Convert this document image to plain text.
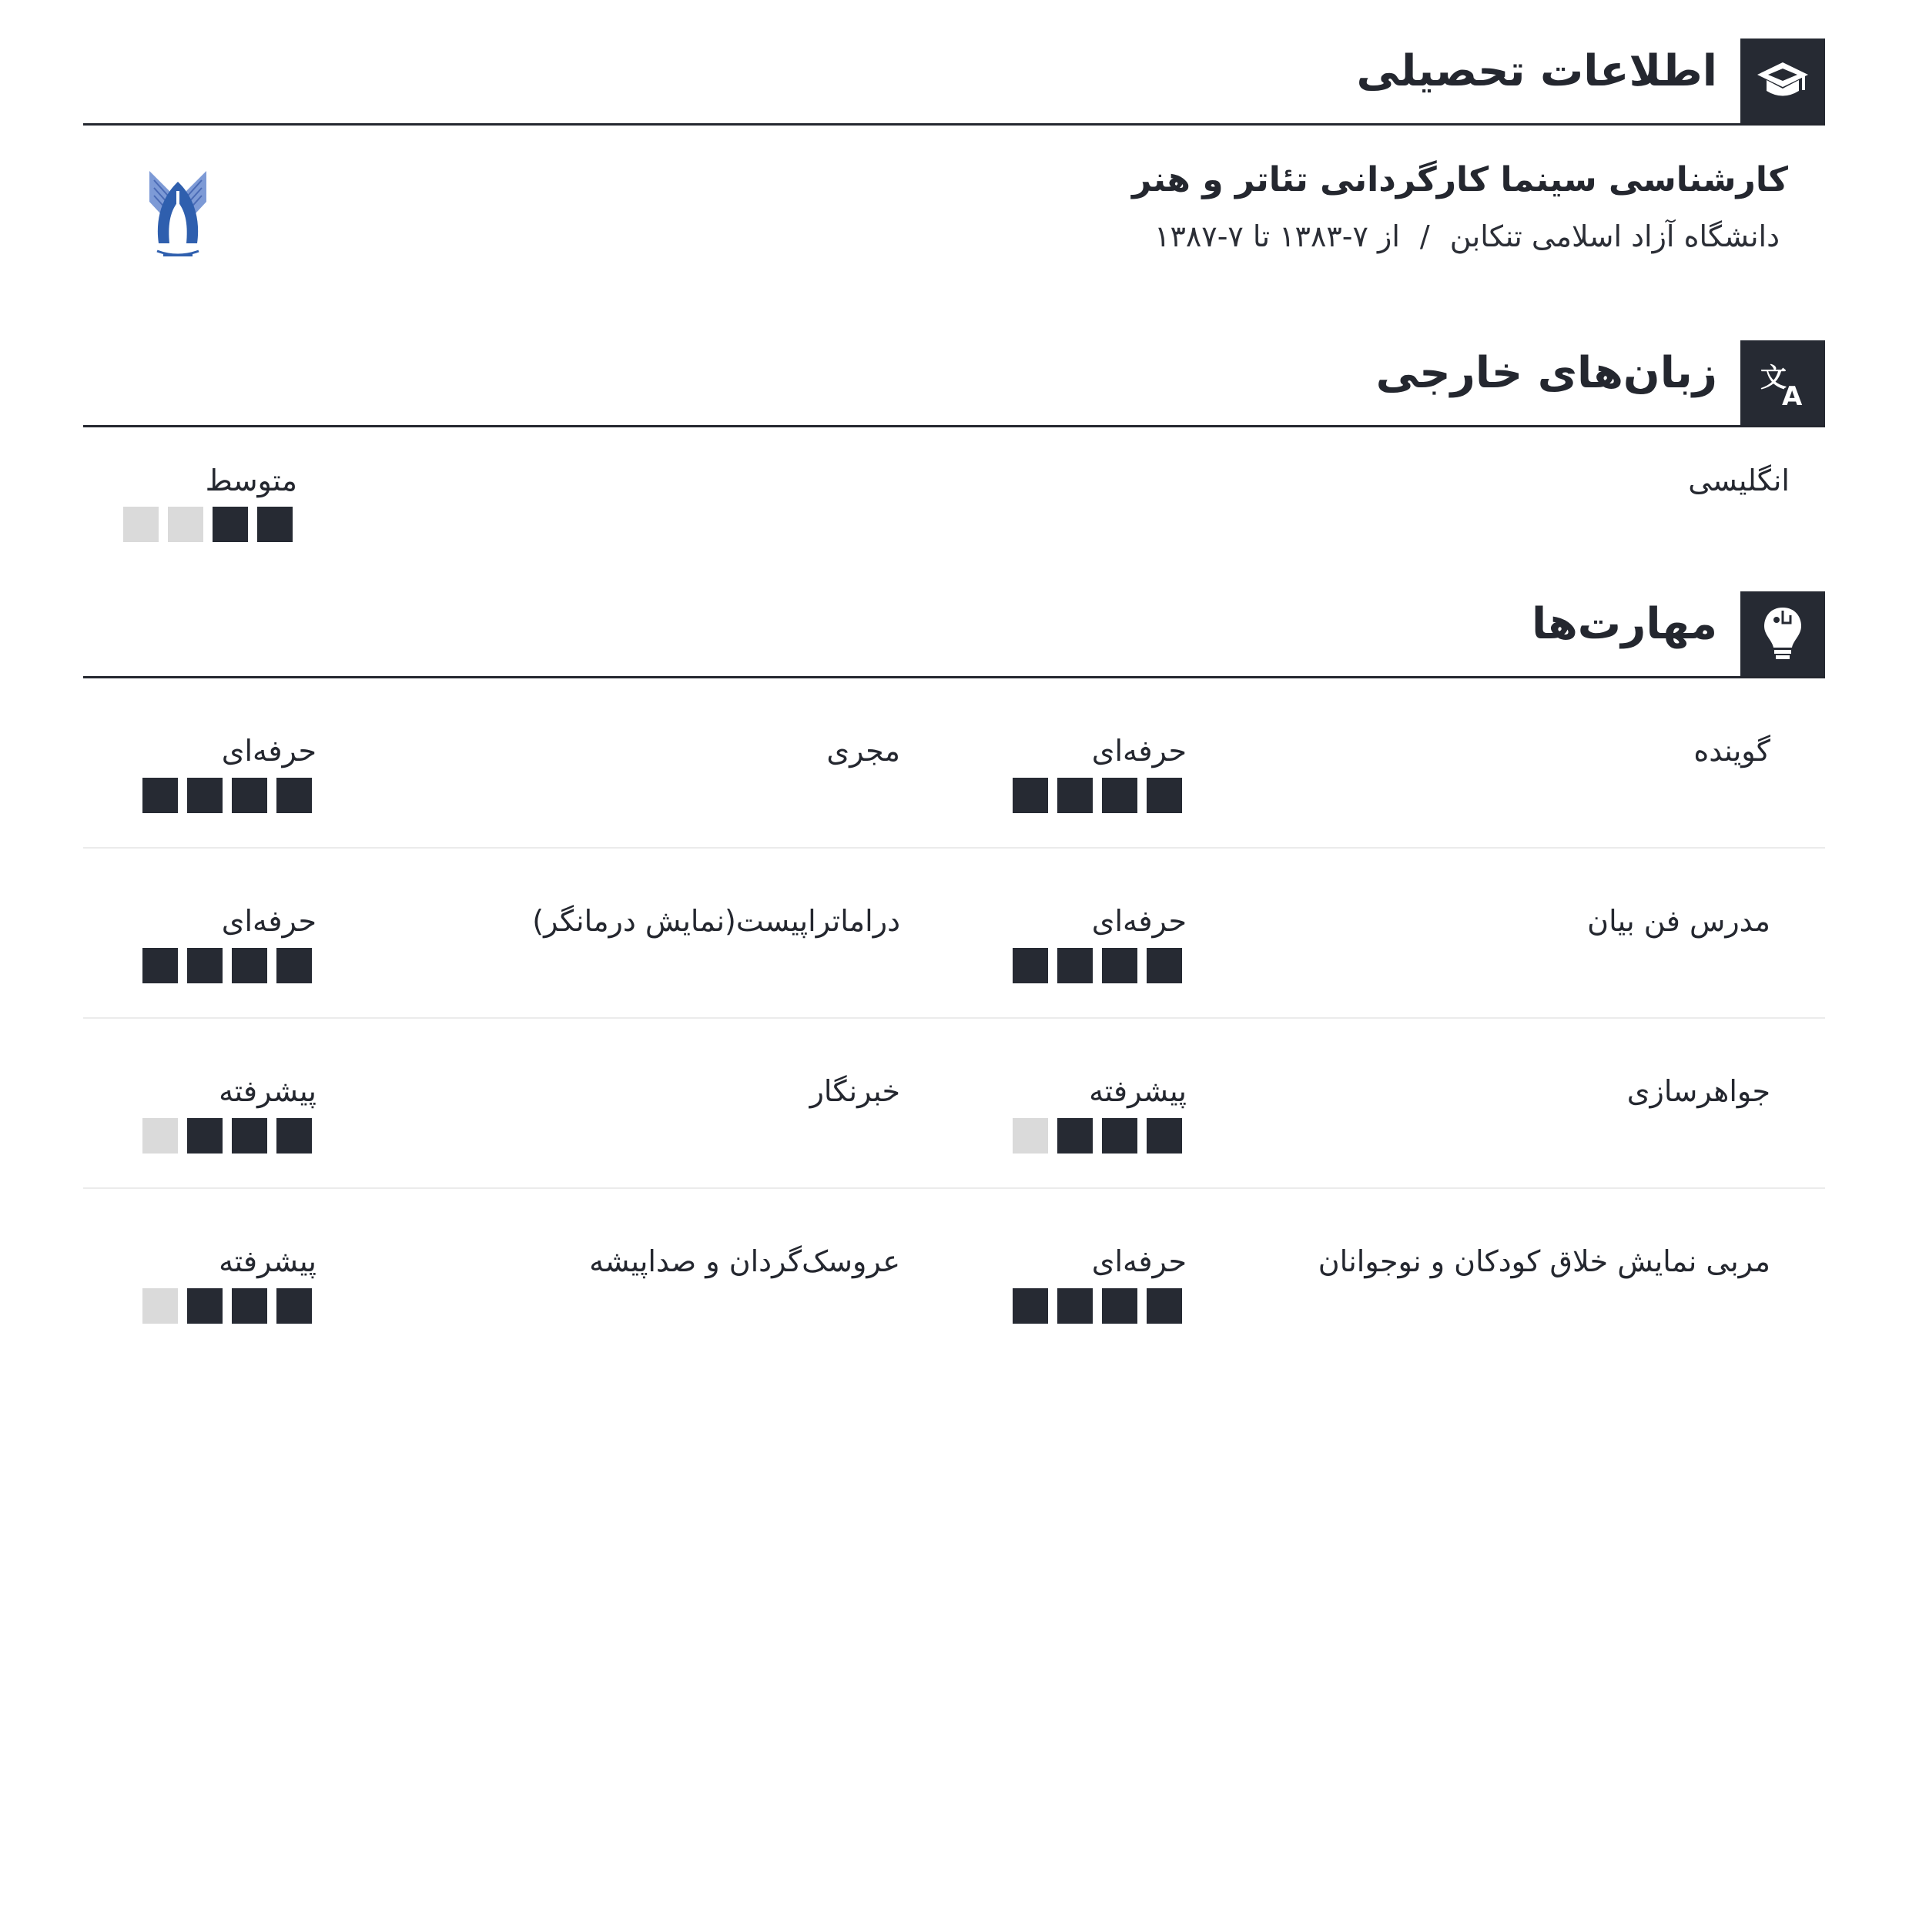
اطلاعات تحصیلی
کارشناسی سینما کارگردانی تئاتر و هنر
دانشگاه آزاد اسلامی تنکابن/از ۷-۱۳۸۳ تا ۷-۱۳۸۷
文
A
زبان‌های خارجی
انگلیسی
متوسط
مهارت‌ها
گوینده
حرفه‌ای
مجری
حرفه‌ای
مدرس فن بیان
حرفه‌ای
دراماتراپیست(نمایش درمانگر)
حرفه‌ای
جواهرسازی
پیشرفته
خبرنگار
پیشرفته
مربی نمایش خلاق کودکان و نوجوانان
حرفه‌ای
عروسک‌گردان و صداپیشه
پیشرفته
